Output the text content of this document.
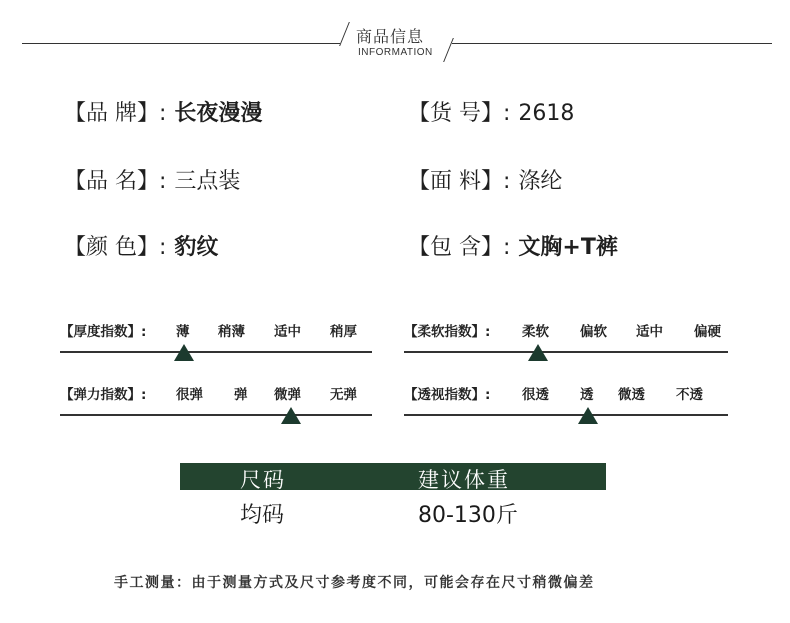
商品信息
INFORMATION
【品 牌】: 长夜漫漫	【货 号】: 2618
【品 名】: 三点装	【面 料】: 涤纶
【颜 色】: 豹纹	【包 含】: 文胸+T裤
【厚度指数】: 薄 稍薄 适中 稍厚	【柔软指数】: 柔软 偏软 适中 偏硬
【弹力指数】: 很弹 弹 微弹 无弹	【透视指数】: 很透 透 微透 不透
尺码	建议体重
均码	80-130斤
手工测量：由于测量方式及尺寸参考度不同，可能会存在尺寸稍微偏差
